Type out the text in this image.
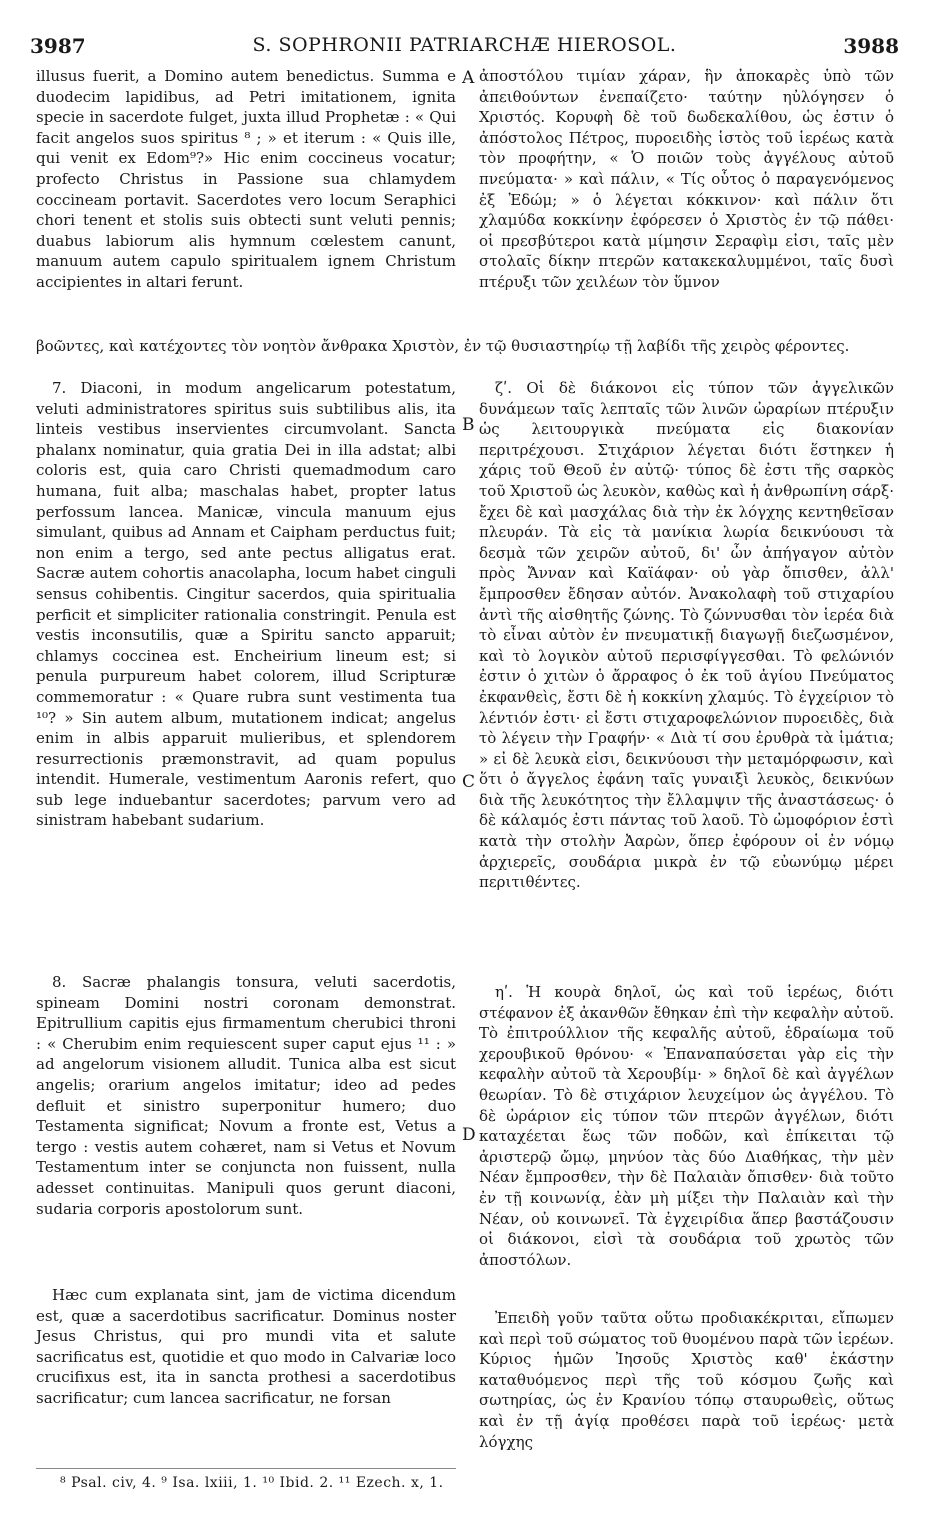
3987	S. SOPHRONII PATRIARCHÆ HIEROSOL.	3988
A
B
C
D

illusus fuerit, a Domino autem benedictus. Summa e duodecim lapidibus, ad Petri imitationem, ignita specie in sacerdote fulget, juxta illud Prophetæ : « Qui facit angelos suos spiritus ⁸ ; » et iterum : « Quis ille, qui venit ex Edom⁹?» Hic enim coccineus vocatur; profecto Christus in Passione sua chlamydem coccineam portavit. Sacerdotes vero locum Seraphici chori tenent et stolis suis obtecti sunt veluti pennis; duabus labiorum alis hymnum cœlestem canunt, manuum autem capulo spiritualem ignem Christum accipientes in altari ferunt.

ἀποστόλου τιμίαν χάραν, ἣν ἀποκαρὲς ὑπὸ τῶν ἀπειθούντων ἐνεπαίζετο· ταύτην ηὐλόγησεν ὁ Χριστός. Κορυφὴ δὲ τοῦ δωδεκαλίθου, ὡς ἐστιν ὁ ἀπόστολος Πέτρος, πυροειδὴς ἱστὸς τοῦ ἱερέως κατὰ τὸν προφήτην, « Ὁ ποιῶν τοὺς ἀγγέλους αὐτοῦ πνεύματα· » καὶ πάλιν, « Τίς οὗτος ὁ παραγενόμενος ἐξ Ἐδώμ; » ὁ λέγεται κόκκινον· καὶ πάλιν ὅτι χλαμύδα κοκκίνην ἐφόρεσεν ὁ Χριστὸς ἐν τῷ πάθει· οἱ πρεσβύτεροι κατὰ μίμησιν Σεραφὶμ εἰσι, ταῖς μὲν στολαῖς δίκην πτερῶν κατακεκαλυμμένοι, ταῖς δυσὶ πτέρυξι τῶν χειλέων τὸν ὕμνον

βοῶντες, καὶ κατέχοντες τὸν νοητὸν ἄνθρακα Χριστὸν, ἐν τῷ θυσιαστηρίῳ τῇ λαβίδι τῆς χειρὸς φέροντες.

7. Diaconi, in modum angelicarum potestatum, veluti administratores spiritus suis subtilibus alis, ita linteis vestibus inservientes circumvolant. Sancta phalanx nominatur, quia gratia Dei in illa adstat; albi coloris est, quia caro Christi quemadmodum caro humana, fuit alba; maschalas habet, propter latus perfossum lancea. Manicæ, vincula manuum ejus simulant, quibus ad Annam et Caipham perductus fuit; non enim a tergo, sed ante pectus alligatus erat. Sacræ autem cohortis anacolapha, locum habet cinguli sensus cohibentis. Cingitur sacerdos, quia spiritualia perficit et simpliciter rationalia constringit. Penula est vestis inconsutilis, quæ a Spiritu sancto apparuit; chlamys coccinea est. Encheirium lineum est; si penula purpureum habet colorem, illud Scripturæ commemoratur : « Quare rubra sunt vestimenta tua ¹⁰? » Sin autem album, mutationem indicat; angelus enim in albis apparuit mulieribus, et splendorem resurrectionis præmonstravit, ad quam populus intendit. Humerale, vestimentum Aaronis refert, quo sub lege induebantur sacerdotes; parvum vero ad sinistram habebant sudarium.

8. Sacræ phalangis tonsura, veluti sacerdotis, spineam Domini nostri coronam demonstrat. Epitrullium capitis ejus firmamentum cherubici throni : « Cherubim enim requiescent super caput ejus ¹¹ : » ad angelorum visionem alludit. Tunica alba est sicut angelis; orarium angelos imitatur; ideo ad pedes defluit et sinistro superponitur humero; duo Testamenta significat; Novum a fronte est, Vetus a tergo : vestis autem cohæret, nam si Vetus et Novum Testamentum inter se conjuncta non fuissent, nulla adesset continuitas. Manipuli quos gerunt diaconi, sudaria corporis apostolorum sunt.

Hæc cum explanata sint, jam de victima dicendum est, quæ a sacerdotibus sacrificatur. Dominus noster Jesus Christus, qui pro mundi vita et salute sacrificatus est, quotidie et quo modo in Calvariæ loco crucifixus est, ita in sancta prothesi a sacerdotibus sacrificatur; cum lancea sacrificatur, ne forsan

ζʹ. Οἱ δὲ διάκονοι εἰς τύπον τῶν ἀγγελικῶν δυνάμεων ταῖς λεπταῖς τῶν λινῶν ὠραρίων πτέρυξιν ὡς λειτουργικὰ πνεύματα εἰς διακονίαν περιτρέχουσι. Στιχάριον λέγεται διότι ἕστηκεν ἡ χάρις τοῦ Θεοῦ ἐν αὐτῷ· τύπος δὲ ἐστι τῆς σαρκὸς τοῦ Χριστοῦ ὡς λευκὸν, καθὼς καὶ ἡ ἀνθρωπίνη σάρξ· ἔχει δὲ καὶ μασχάλας διὰ τὴν ἐκ λόγχης κεντηθεῖσαν πλευράν. Τὰ εἰς τὰ μανίκια λωρία δεικνύουσι τὰ δεσμὰ τῶν χειρῶν αὐτοῦ, δι' ὧν ἀπήγαγον αὐτὸν πρὸς Ἄνναν καὶ Καϊάφαν· οὐ γὰρ ὄπισθεν, ἀλλ' ἔμπροσθεν ἔδησαν αὐτόν. Ἀνακολαφὴ τοῦ στιχαρίου ἀντὶ τῆς αἰσθητῆς ζώνης. Τὸ ζώννυσθαι τὸν ἱερέα διὰ τὸ εἶναι αὐτὸν ἐν πνευματικῇ διαγωγῇ διεζωσμένον, καὶ τὸ λογικὸν αὐτοῦ περισφίγγεσθαι. Τὸ φελώνιόν ἐστιν ὁ χιτὼν ὁ ἄρραφος ὁ ἐκ τοῦ ἁγίου Πνεύματος ἐκφανθεὶς, ἔστι δὲ ἡ κοκκίνη χλαμύς. Τὸ ἐγχείριον τὸ λέντιόν ἐστι· εἰ ἔστι στιχαροφελώνιον πυροειδὲς, διὰ τὸ λέγειν τὴν Γραφήν· « Διὰ τί σου ἐρυθρὰ τὰ ἱμάτια; » εἰ δὲ λευκὰ εἰσι, δεικνύουσι τὴν μεταμόρφωσιν, καὶ ὅτι ὁ ἄγγελος ἐφάνη ταῖς γυναιξὶ λευκὸς, δεικνύων διὰ τῆς λευκότητος τὴν ἔλλαμψιν τῆς ἀναστάσεως· ὁ δὲ κάλαμός ἐστι πάντας τοῦ λαοῦ. Τὸ ὠμοφόριον ἐστὶ κατὰ τὴν στολὴν Ἀαρὼν, ὅπερ ἐφόρουν οἱ ἐν νόμῳ ἀρχιερεῖς, σουδάρια μικρὰ ἐν τῷ εὐωνύμῳ μέρει περιτιθέντες.

ηʹ. Ἡ κουρὰ δηλοῖ, ὡς καὶ τοῦ ἱερέως, διότι στέφανον ἐξ ἀκανθῶν ἔθηκαν ἐπὶ τὴν κεφαλὴν αὐτοῦ. Τὸ ἐπιτρούλλιον τῆς κεφαλῆς αὐτοῦ, ἑδραίωμα τοῦ χερουβικοῦ θρόνου· « Ἐπαναπαύσεται γὰρ εἰς τὴν κεφαλὴν αὐτοῦ τὰ Χερουβίμ· » δηλοῖ δὲ καὶ ἀγγέλων θεωρίαν. Τὸ δὲ στιχάριον λευχείμον ὡς ἀγγέλου. Τὸ δὲ ὠράριον εἰς τύπον τῶν πτερῶν ἀγγέλων, διότι καταχέεται ἕως τῶν ποδῶν, καὶ ἐπίκειται τῷ ἀριστερῷ ὤμῳ, μηνύον τὰς δύο Διαθήκας, τὴν μὲν Νέαν ἔμπροσθεν, τὴν δὲ Παλαιὰν ὄπισθεν· διὰ τοῦτο ἐν τῇ κοινωνίᾳ, ἐὰν μὴ μίξει τὴν Παλαιὰν καὶ τὴν Νέαν, οὐ κοινωνεῖ. Τὰ ἐγχειρίδια ἅπερ βαστάζουσιν οἱ διάκονοι, εἰσὶ τὰ σουδάρια τοῦ χρωτὸς τῶν ἀποστόλων.

Ἐπειδὴ γοῦν ταῦτα οὕτω προδιακέκριται, εἴπωμεν καὶ περὶ τοῦ σώματος τοῦ θυομένου παρὰ τῶν ἱερέων. Κύριος ἡμῶν Ἰησοῦς Χριστὸς καθ' ἑκάστην καταθυόμενος περὶ τῆς τοῦ κόσμου ζωῆς καὶ σωτηρίας, ὡς ἐν Κρανίου τόπῳ σταυρωθεὶς, οὕτως καὶ ἐν τῇ ἁγίᾳ προθέσει παρὰ τοῦ ἱερέως· μετὰ λόγχης

⁸ Psal. civ, 4. ⁹ Isa. lxiii, 1. ¹⁰ Ibid. 2. ¹¹ Ezech. x, 1.
